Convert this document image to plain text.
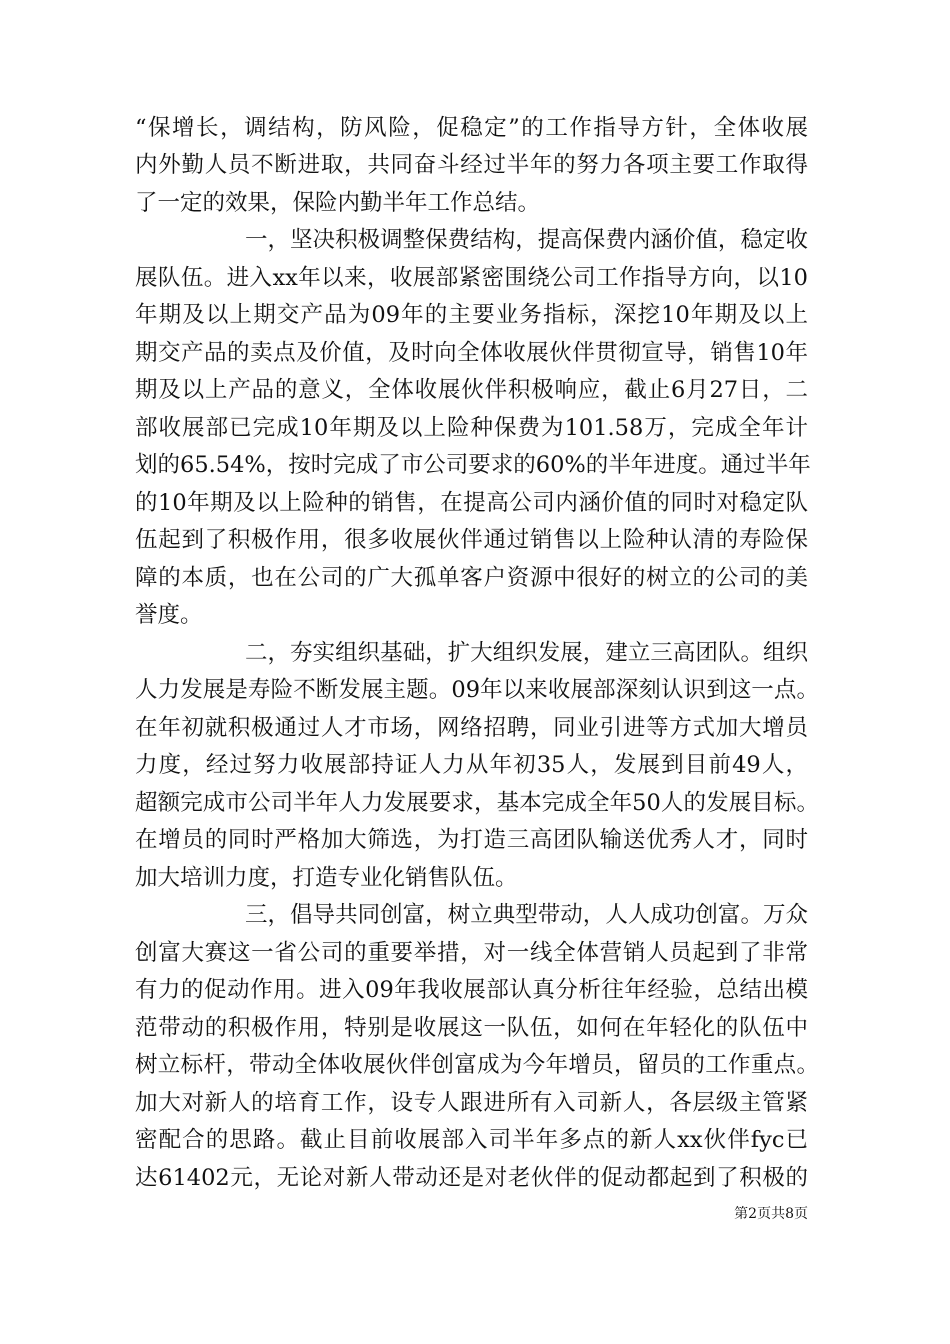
“保增长，调结构，防风险，促稳定”的工作指导方针，全体收展
内外勤人员不断进取，共同奋斗经过半年的努力各项主要工作取得
了一定的效果，保险内勤半年工作总结。
一，坚决积极调整保费结构，提高保费内涵价值，稳定收
展队伍。进入xx年以来，收展部紧密围绕公司工作指导方向，以10
年期及以上期交产品为09年的主要业务指标，深挖10年期及以上
期交产品的卖点及价值，及时向全体收展伙伴贯彻宣导，销售10年
期及以上产品的意义，全体收展伙伴积极响应，截止6月27日，二
部收展部已完成10年期及以上险种保费为101.58万，完成全年计
划的65.54%，按时完成了市公司要求的60%的半年进度。通过半年
的10年期及以上险种的销售，在提高公司内涵价值的同时对稳定队
伍起到了积极作用，很多收展伙伴通过销售以上险种认清的寿险保
障的本质，也在公司的广大孤单客户资源中很好的树立的公司的美
誉度。
二，夯实组织基础，扩大组织发展，建立三高团队。组织
人力发展是寿险不断发展主题。09年以来收展部深刻认识到这一点。
在年初就积极通过人才市场，网络招聘，同业引进等方式加大增员
力度，经过努力收展部持证人力从年初35人，发展到目前49人，
超额完成市公司半年人力发展要求，基本完成全年50人的发展目标。
在增员的同时严格加大筛选，为打造三高团队输送优秀人才，同时
加大培训力度，打造专业化销售队伍。
三，倡导共同创富，树立典型带动，人人成功创富。万众
创富大赛这一省公司的重要举措，对一线全体营销人员起到了非常
有力的促动作用。进入09年我收展部认真分析往年经验，总结出模
范带动的积极作用，特别是收展这一队伍，如何在年轻化的队伍中
树立标杆，带动全体收展伙伴创富成为今年增员，留员的工作重点。
加大对新人的培育工作，设专人跟进所有入司新人，各层级主管紧
密配合的思路。截止目前收展部入司半年多点的新人xx伙伴fyc已
达61402元，无论对新人带动还是对老伙伴的促动都起到了积极的
第2页共8页
